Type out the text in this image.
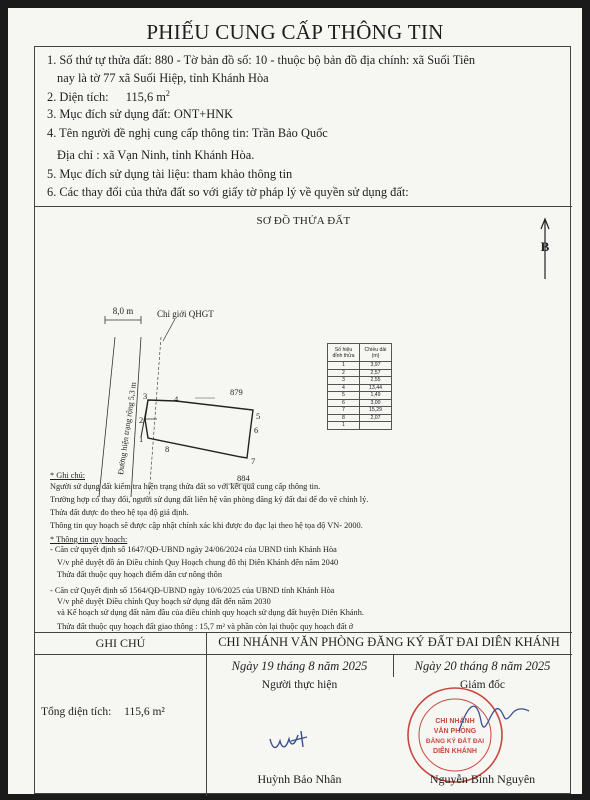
PHIẾU CUNG CẤP THÔNG TIN
1. Số thứ tự thửa đất: 880 - Tờ bản đồ số: 10 - thuộc bộ bản đồ địa chính: xã Suối Tiên
nay là tờ 77 xã Suối Hiệp, tỉnh Khánh Hòa
2. Diện tích: 115,6 $m^2$
3. Mục đích sử dụng đất: ONT+HNK
4. Tên người đề nghị cung cấp thông tin: Trần Bảo Quốc
Địa chỉ : xã Vạn Ninh, tỉnh Khánh Hòa.
5. Mục đích sử dụng tài liệu: tham khảo thông tin
6. Các thay đổi của thửa đất so với giấy tờ pháp lý về quyền sử dụng đất:
SƠ ĐỒ THỬA ĐẤT
B
8,0 m	Chỉ giới QHGT
Đường hiện trạng rộng 5,3 m 3	4
5
6
7
8
1
2
879
884
Số hiệu đỉnh thửa	Chiều dài (m)
1	3,97
2	2,57
3	2,55
4	13,44
5	1,49
6	3,00
7	15,29
8	2,07
1	
* Ghi chú:
Người sử dụng đất kiểm tra hiện trạng thửa đất so với kết quả cung cấp thông tin.
Trường hợp có thay đổi, người sử dụng đất liên hệ văn phòng đăng ký đất đai để đo vẽ chỉnh lý.
Thửa đất được đo theo hệ tọa độ giả định.
Thông tin quy hoạch sẽ được cập nhật chính xác khi được đo đạc lại theo hệ tọa độ VN- 2000.
* Thông tin quy hoạch:
- Căn cứ quyết định số 1647/QĐ-UBND ngày 24/06/2024 của UBND tỉnh Khánh Hòa
V/v phê duyệt đồ án Điều chỉnh Quy Hoạch chung đô thị Diên Khánh đến năm 2040
Thửa đất thuộc quy hoạch điểm dân cư nông thôn
- Căn cứ Quyết định số 1564/QĐ-UBND ngày 10/6/2025 của UBND tỉnh Khánh Hòa
V/v phê duyệt Điều chỉnh Quy hoạch sử dụng đất đến năm 2030
và Kế hoạch sử dụng đất năm đầu của điều chỉnh quy hoạch sử dụng đất huyện Diên Khánh.
Thửa đất thuộc quy hoạch đất giao thông : 15,7 m² và phần còn lại thuộc quy hoạch đất ở
GHI CHÚ	CHI NHÁNH VĂN PHÒNG ĐĂNG KÝ ĐẤT ĐAI DIÊN KHÁNH
Tổng diện tích: 115,6 m²
Ngày 19 tháng 8 năm 2025	Ngày 20 tháng 8 năm 2025
Người thực hiện	Giám đốc
CHI NHÁNH
VĂN PHÒNG
ĐĂNG KÝ ĐẤT ĐAI
DIÊN KHÁNH
Huỳnh Bảo Nhân	Nguyễn Bình Nguyên
